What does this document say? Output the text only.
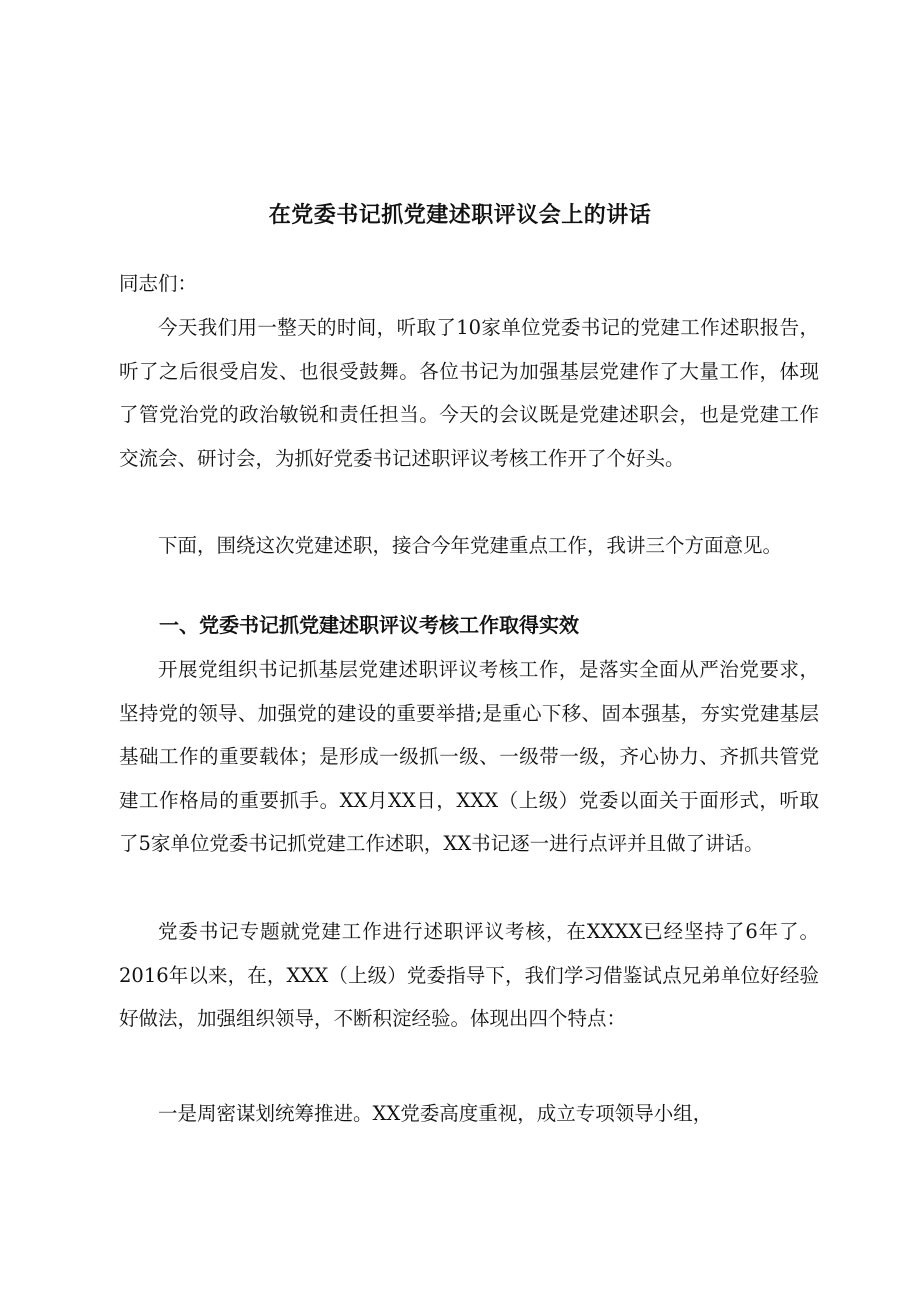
在党委书记抓党建述职评议会上的讲话

同志们：

今天我们用一整天的时间，听取了10家单位党委书记的党建工作述职报告，听了之后很受启发、也很受鼓舞。各位书记为加强基层党建作了大量工作，体现了管党治党的政治敏锐和责任担当。今天的会议既是党建述职会，也是党建工作交流会、研讨会，为抓好党委书记述职评议考核工作开了个好头。

下面，围绕这次党建述职，接合今年党建重点工作，我讲三个方面意见。

一、党委书记抓党建述职评议考核工作取得实效

开展党组织书记抓基层党建述职评议考核工作，是落实全面从严治党要求，坚持党的领导、加强党的建设的重要举措;是重心下移、固本强基，夯实党建基层基础工作的重要载体；是形成一级抓一级、一级带一级，齐心协力、齐抓共管党建工作格局的重要抓手。XX月XX日，XXX（上级）党委以面关于面形式，听取了5家单位党委书记抓党建工作述职，XX书记逐一进行点评并且做了讲话。

党委书记专题就党建工作进行述职评议考核，在XXXX已经坚持了6年了。2016年以来，在，XXX（上级）党委指导下，我们学习借鉴试点兄弟单位好经验好做法，加强组织领导，不断积淀经验。体现出四个特点：

一是周密谋划统筹推进。XX党委高度重视，成立专项领导小组，
